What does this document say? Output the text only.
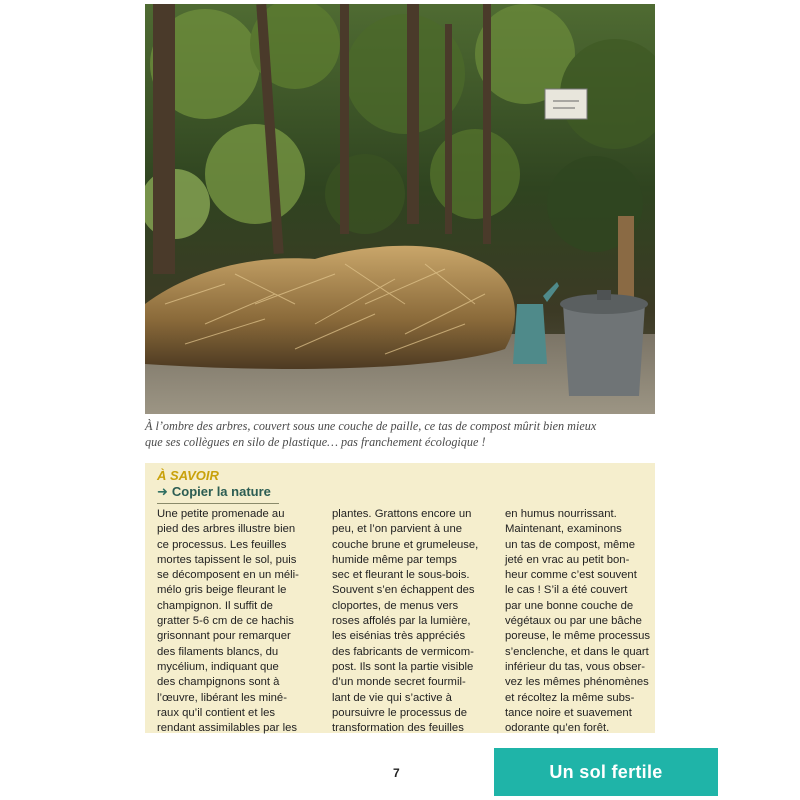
À l’ombre des arbres, couvert sous une couche de paille, ce tas de compost mûrit bien mieux
que ses collègues en silo de plastique… pas franchement écologique !

À SAVOIR

➜ Copier la nature

Une petite promenade au
pied des arbres illustre bien
ce processus. Les feuilles
mortes tapissent le sol, puis
se décomposent en un méli-
mélo gris beige fleurant le
champignon. Il suffit de
gratter 5-6 cm de ce hachis
grisonnant pour remarquer
des filaments blancs, du
mycélium, indiquant que
des champignons sont à
l’œuvre, libérant les miné-
raux qu’il contient et les
rendant assimilables par les

plantes. Grattons encore un
peu, et l’on parvient à une
couche brune et grumeleuse,
humide même par temps
sec et fleurant le sous-bois.
Souvent s’en échappent des
cloportes, de menus vers
roses affolés par la lumière,
les eisénias très appréciés
des fabricants de vermicom-
post. Ils sont la partie visible
d’un monde secret fourmil-
lant de vie qui s’active à
poursuivre le processus de
transformation des feuilles

en humus nourrissant.
Maintenant, examinons
un tas de compost, même
jeté en vrac au petit bon-
heur comme c’est souvent
le cas ! S’il a été couvert
par une bonne couche de
végétaux ou par une bâche
poreuse, le même processus
s’enclenche, et dans le quart
inférieur du tas, vous obser-
vez les mêmes phénomènes
et récoltez la même subs-
tance noire et suavement
odorante qu’en forêt.

7	Un sol fertile
